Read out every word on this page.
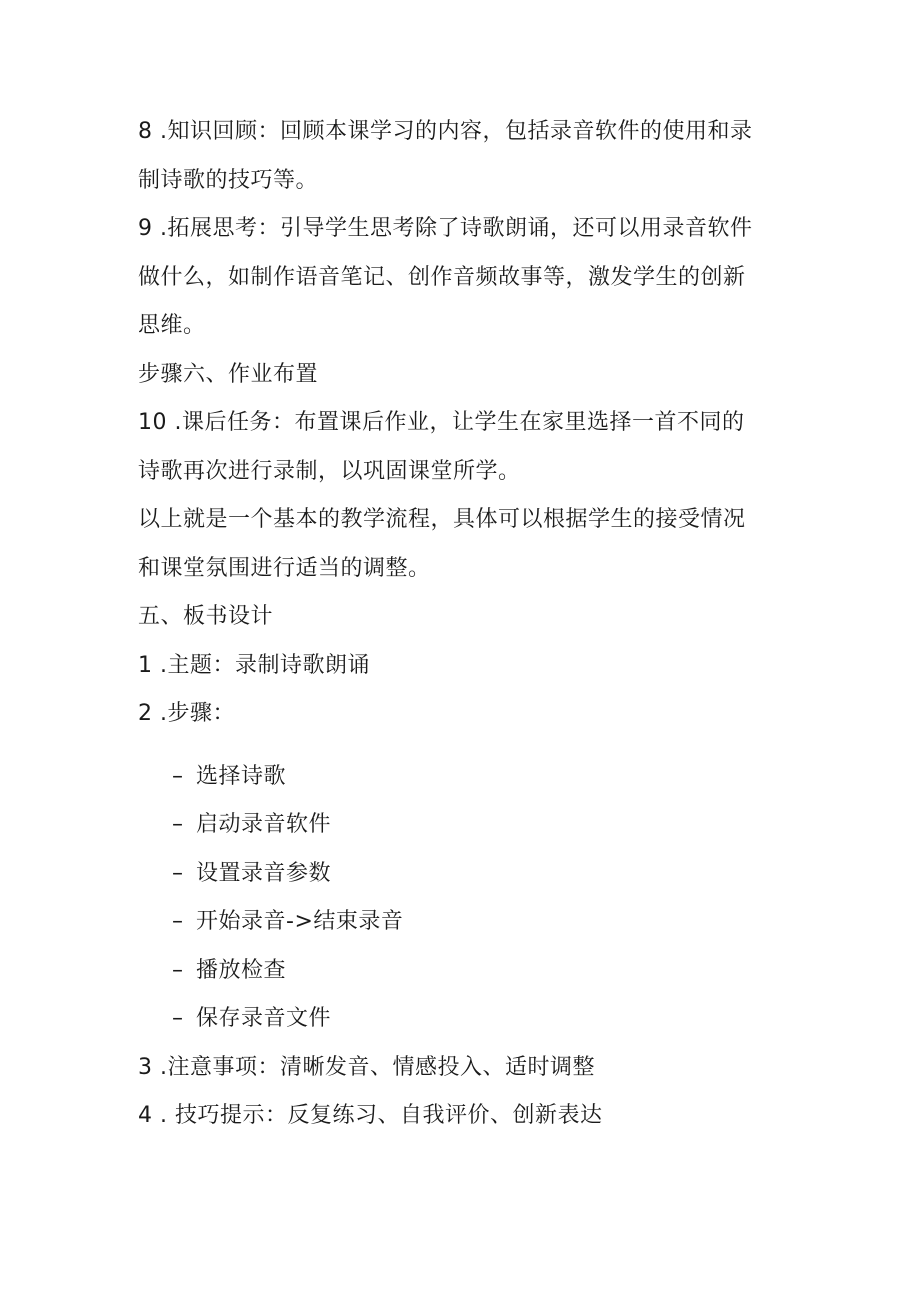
8 .知识回顾：回顾本课学习的内容，包括录音软件的使用和录
制诗歌的技巧等。
9 .拓展思考：引导学生思考除了诗歌朗诵，还可以用录音软件
做什么，如制作语音笔记、创作音频故事等，激发学生的创新
思维。
步骤六、作业布置
10 .课后任务：布置课后作业，让学生在家里选择一首不同的
诗歌再次进行录制，以巩固课堂所学。
以上就是一个基本的教学流程，具体可以根据学生的接受情况
和课堂氛围进行适当的调整。
五、板书设计
1 .主题：录制诗歌朗诵
2 .步骤：
– 选择诗歌
– 启动录音软件
– 设置录音参数
– 开始录音->结束录音
– 播放检查
– 保存录音文件
3 .注意事项：清晰发音、情感投入、适时调整
4 . 技巧提示：反复练习、自我评价、创新表达
